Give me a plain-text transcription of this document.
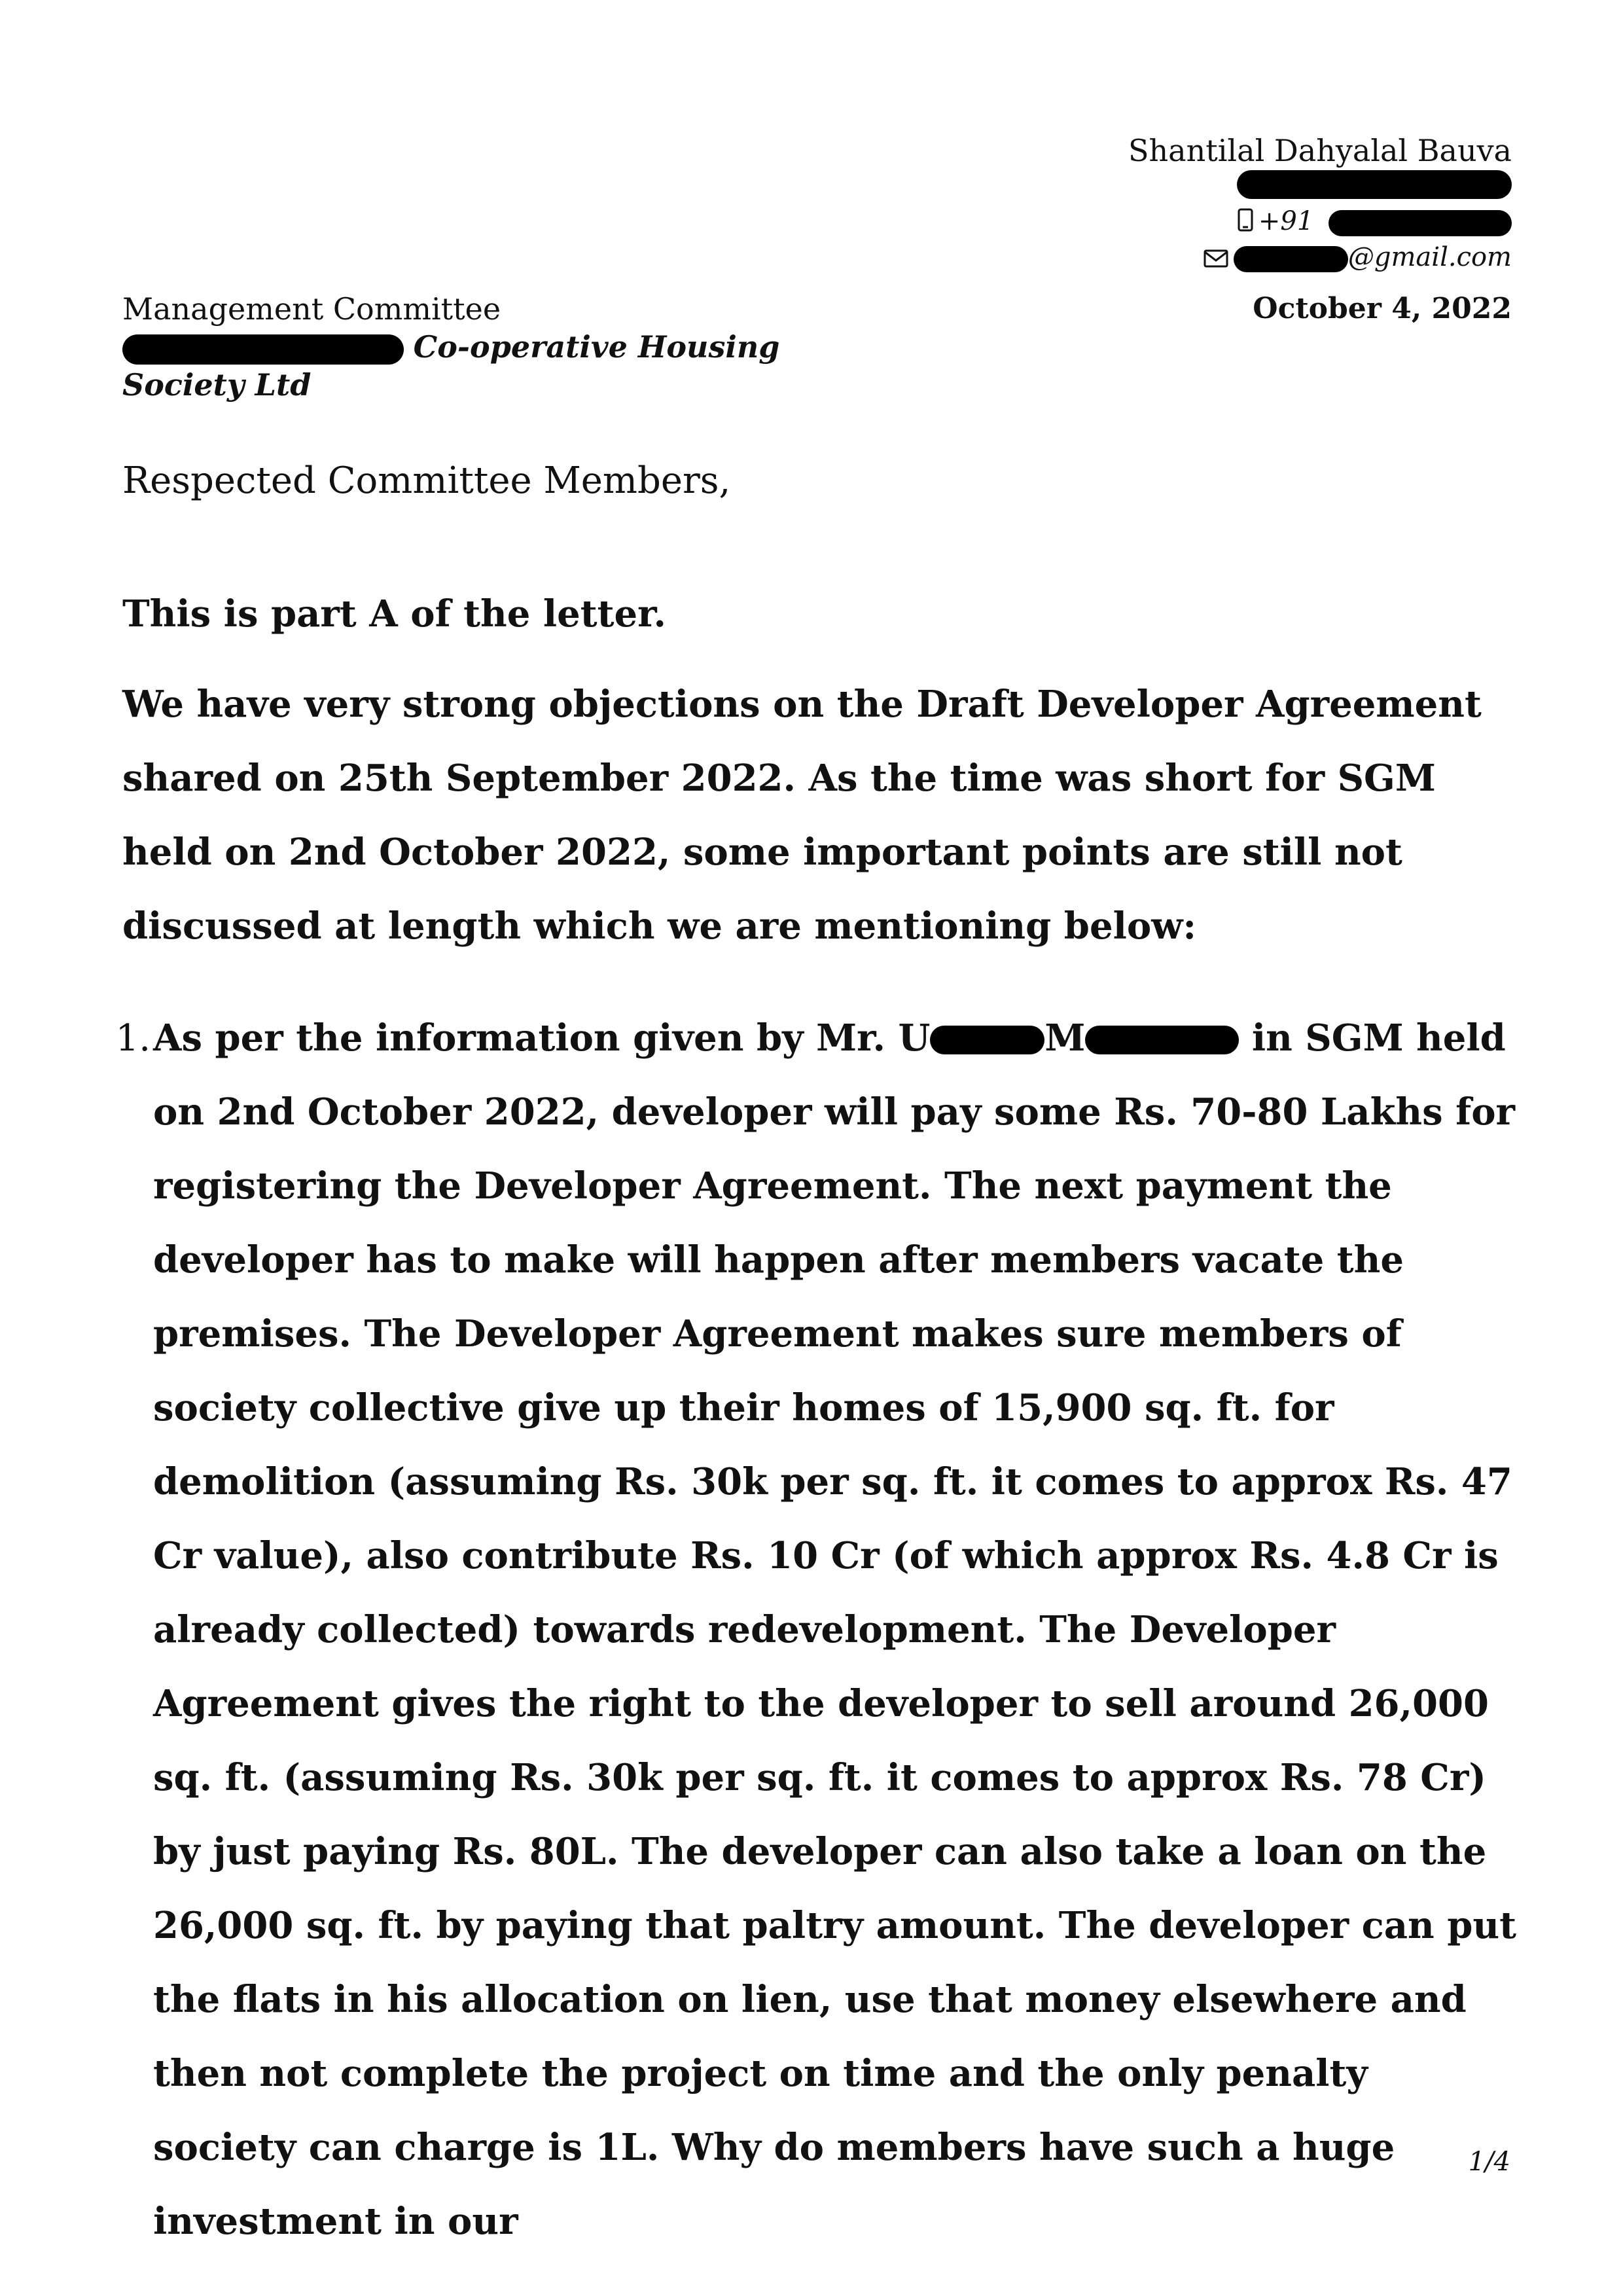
Shantilal Dahyalal Bauva
+91
@gmail.com
Management Committee
Co-operative Housing
Society Ltd
October 4, 2022
Respected Committee Members,
This is part A of the letter.
We have very strong objections on the Draft Developer Agreement shared on 25th September 2022. As the time was short for SGM held on 2nd October 2022, some important points are still not discussed at length which we are mentioning below:
1. As per the information given by Mr. U	M	in SGM held on 2nd October 2022, developer will pay some Rs. 70-80 Lakhs for registering the Developer Agreement. The next payment the developer has to make will happen after members vacate the premises. The Developer Agreement makes sure members of society collective give up their homes of 15,900 sq. ft. for demolition (assuming Rs. 30k per sq. ft. it comes to approx Rs. 47 Cr value), also contribute Rs. 10 Cr (of which approx Rs. 4.8 Cr is already collected) towards redevelopment. The Developer Agreement gives the right to the developer to sell around 26,000 sq. ft. (assuming Rs. 30k per sq. ft. it comes to approx Rs. 78 Cr) by just paying Rs. 80L. The developer can also take a loan on the 26,000 sq. ft. by paying that paltry amount. The developer can put the flats in his allocation on lien, use that money elsewhere and then not complete the project on time and the only penalty society can charge is 1L. Why do members have such a huge investment in our
1/4
